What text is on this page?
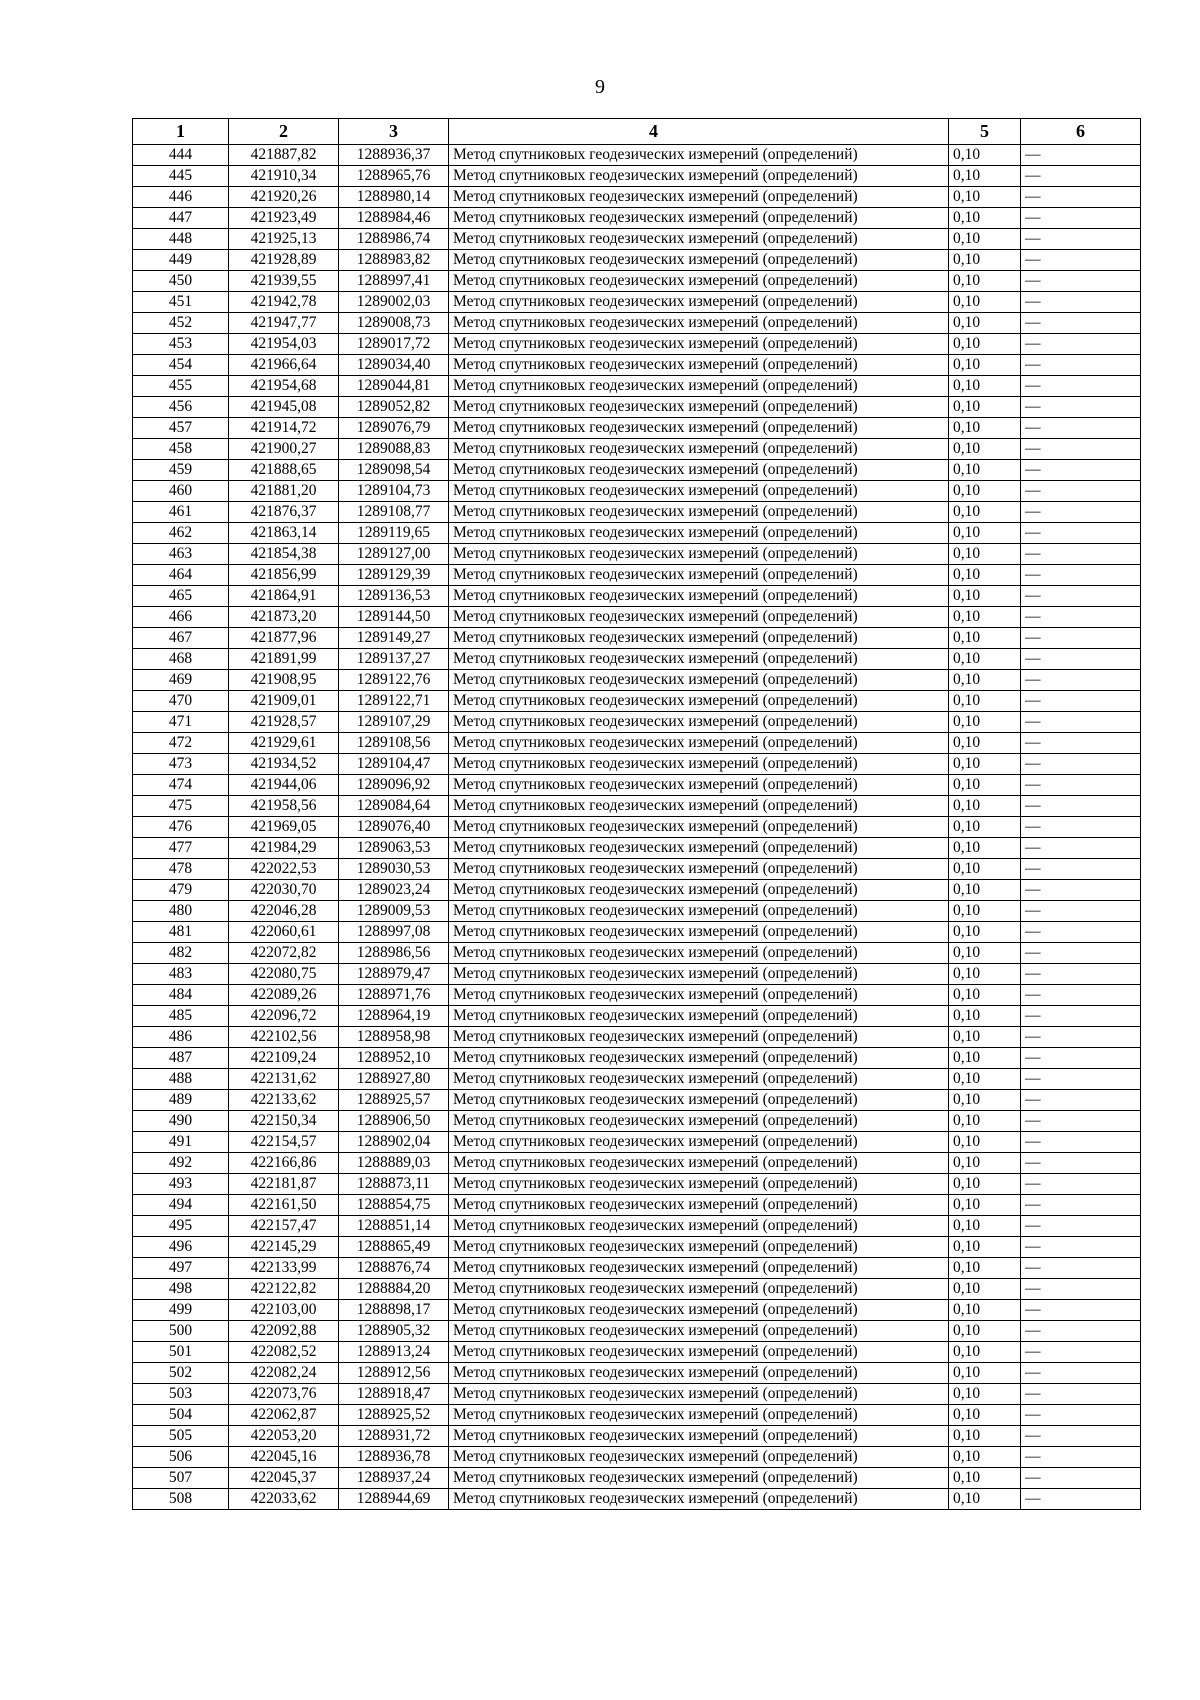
9
1	2	3	4	5	6
444	421887,82	1288936,37	Метод спутниковых геодезических измерений (определений)	0,10	—
445	421910,34	1288965,76	Метод спутниковых геодезических измерений (определений)	0,10	—
446	421920,26	1288980,14	Метод спутниковых геодезических измерений (определений)	0,10	—
447	421923,49	1288984,46	Метод спутниковых геодезических измерений (определений)	0,10	—
448	421925,13	1288986,74	Метод спутниковых геодезических измерений (определений)	0,10	—
449	421928,89	1288983,82	Метод спутниковых геодезических измерений (определений)	0,10	—
450	421939,55	1288997,41	Метод спутниковых геодезических измерений (определений)	0,10	—
451	421942,78	1289002,03	Метод спутниковых геодезических измерений (определений)	0,10	—
452	421947,77	1289008,73	Метод спутниковых геодезических измерений (определений)	0,10	—
453	421954,03	1289017,72	Метод спутниковых геодезических измерений (определений)	0,10	—
454	421966,64	1289034,40	Метод спутниковых геодезических измерений (определений)	0,10	—
455	421954,68	1289044,81	Метод спутниковых геодезических измерений (определений)	0,10	—
456	421945,08	1289052,82	Метод спутниковых геодезических измерений (определений)	0,10	—
457	421914,72	1289076,79	Метод спутниковых геодезических измерений (определений)	0,10	—
458	421900,27	1289088,83	Метод спутниковых геодезических измерений (определений)	0,10	—
459	421888,65	1289098,54	Метод спутниковых геодезических измерений (определений)	0,10	—
460	421881,20	1289104,73	Метод спутниковых геодезических измерений (определений)	0,10	—
461	421876,37	1289108,77	Метод спутниковых геодезических измерений (определений)	0,10	—
462	421863,14	1289119,65	Метод спутниковых геодезических измерений (определений)	0,10	—
463	421854,38	1289127,00	Метод спутниковых геодезических измерений (определений)	0,10	—
464	421856,99	1289129,39	Метод спутниковых геодезических измерений (определений)	0,10	—
465	421864,91	1289136,53	Метод спутниковых геодезических измерений (определений)	0,10	—
466	421873,20	1289144,50	Метод спутниковых геодезических измерений (определений)	0,10	—
467	421877,96	1289149,27	Метод спутниковых геодезических измерений (определений)	0,10	—
468	421891,99	1289137,27	Метод спутниковых геодезических измерений (определений)	0,10	—
469	421908,95	1289122,76	Метод спутниковых геодезических измерений (определений)	0,10	—
470	421909,01	1289122,71	Метод спутниковых геодезических измерений (определений)	0,10	—
471	421928,57	1289107,29	Метод спутниковых геодезических измерений (определений)	0,10	—
472	421929,61	1289108,56	Метод спутниковых геодезических измерений (определений)	0,10	—
473	421934,52	1289104,47	Метод спутниковых геодезических измерений (определений)	0,10	—
474	421944,06	1289096,92	Метод спутниковых геодезических измерений (определений)	0,10	—
475	421958,56	1289084,64	Метод спутниковых геодезических измерений (определений)	0,10	—
476	421969,05	1289076,40	Метод спутниковых геодезических измерений (определений)	0,10	—
477	421984,29	1289063,53	Метод спутниковых геодезических измерений (определений)	0,10	—
478	422022,53	1289030,53	Метод спутниковых геодезических измерений (определений)	0,10	—
479	422030,70	1289023,24	Метод спутниковых геодезических измерений (определений)	0,10	—
480	422046,28	1289009,53	Метод спутниковых геодезических измерений (определений)	0,10	—
481	422060,61	1288997,08	Метод спутниковых геодезических измерений (определений)	0,10	—
482	422072,82	1288986,56	Метод спутниковых геодезических измерений (определений)	0,10	—
483	422080,75	1288979,47	Метод спутниковых геодезических измерений (определений)	0,10	—
484	422089,26	1288971,76	Метод спутниковых геодезических измерений (определений)	0,10	—
485	422096,72	1288964,19	Метод спутниковых геодезических измерений (определений)	0,10	—
486	422102,56	1288958,98	Метод спутниковых геодезических измерений (определений)	0,10	—
487	422109,24	1288952,10	Метод спутниковых геодезических измерений (определений)	0,10	—
488	422131,62	1288927,80	Метод спутниковых геодезических измерений (определений)	0,10	—
489	422133,62	1288925,57	Метод спутниковых геодезических измерений (определений)	0,10	—
490	422150,34	1288906,50	Метод спутниковых геодезических измерений (определений)	0,10	—
491	422154,57	1288902,04	Метод спутниковых геодезических измерений (определений)	0,10	—
492	422166,86	1288889,03	Метод спутниковых геодезических измерений (определений)	0,10	—
493	422181,87	1288873,11	Метод спутниковых геодезических измерений (определений)	0,10	—
494	422161,50	1288854,75	Метод спутниковых геодезических измерений (определений)	0,10	—
495	422157,47	1288851,14	Метод спутниковых геодезических измерений (определений)	0,10	—
496	422145,29	1288865,49	Метод спутниковых геодезических измерений (определений)	0,10	—
497	422133,99	1288876,74	Метод спутниковых геодезических измерений (определений)	0,10	—
498	422122,82	1288884,20	Метод спутниковых геодезических измерений (определений)	0,10	—
499	422103,00	1288898,17	Метод спутниковых геодезических измерений (определений)	0,10	—
500	422092,88	1288905,32	Метод спутниковых геодезических измерений (определений)	0,10	—
501	422082,52	1288913,24	Метод спутниковых геодезических измерений (определений)	0,10	—
502	422082,24	1288912,56	Метод спутниковых геодезических измерений (определений)	0,10	—
503	422073,76	1288918,47	Метод спутниковых геодезических измерений (определений)	0,10	—
504	422062,87	1288925,52	Метод спутниковых геодезических измерений (определений)	0,10	—
505	422053,20	1288931,72	Метод спутниковых геодезических измерений (определений)	0,10	—
506	422045,16	1288936,78	Метод спутниковых геодезических измерений (определений)	0,10	—
507	422045,37	1288937,24	Метод спутниковых геодезических измерений (определений)	0,10	—
508	422033,62	1288944,69	Метод спутниковых геодезических измерений (определений)	0,10	—
